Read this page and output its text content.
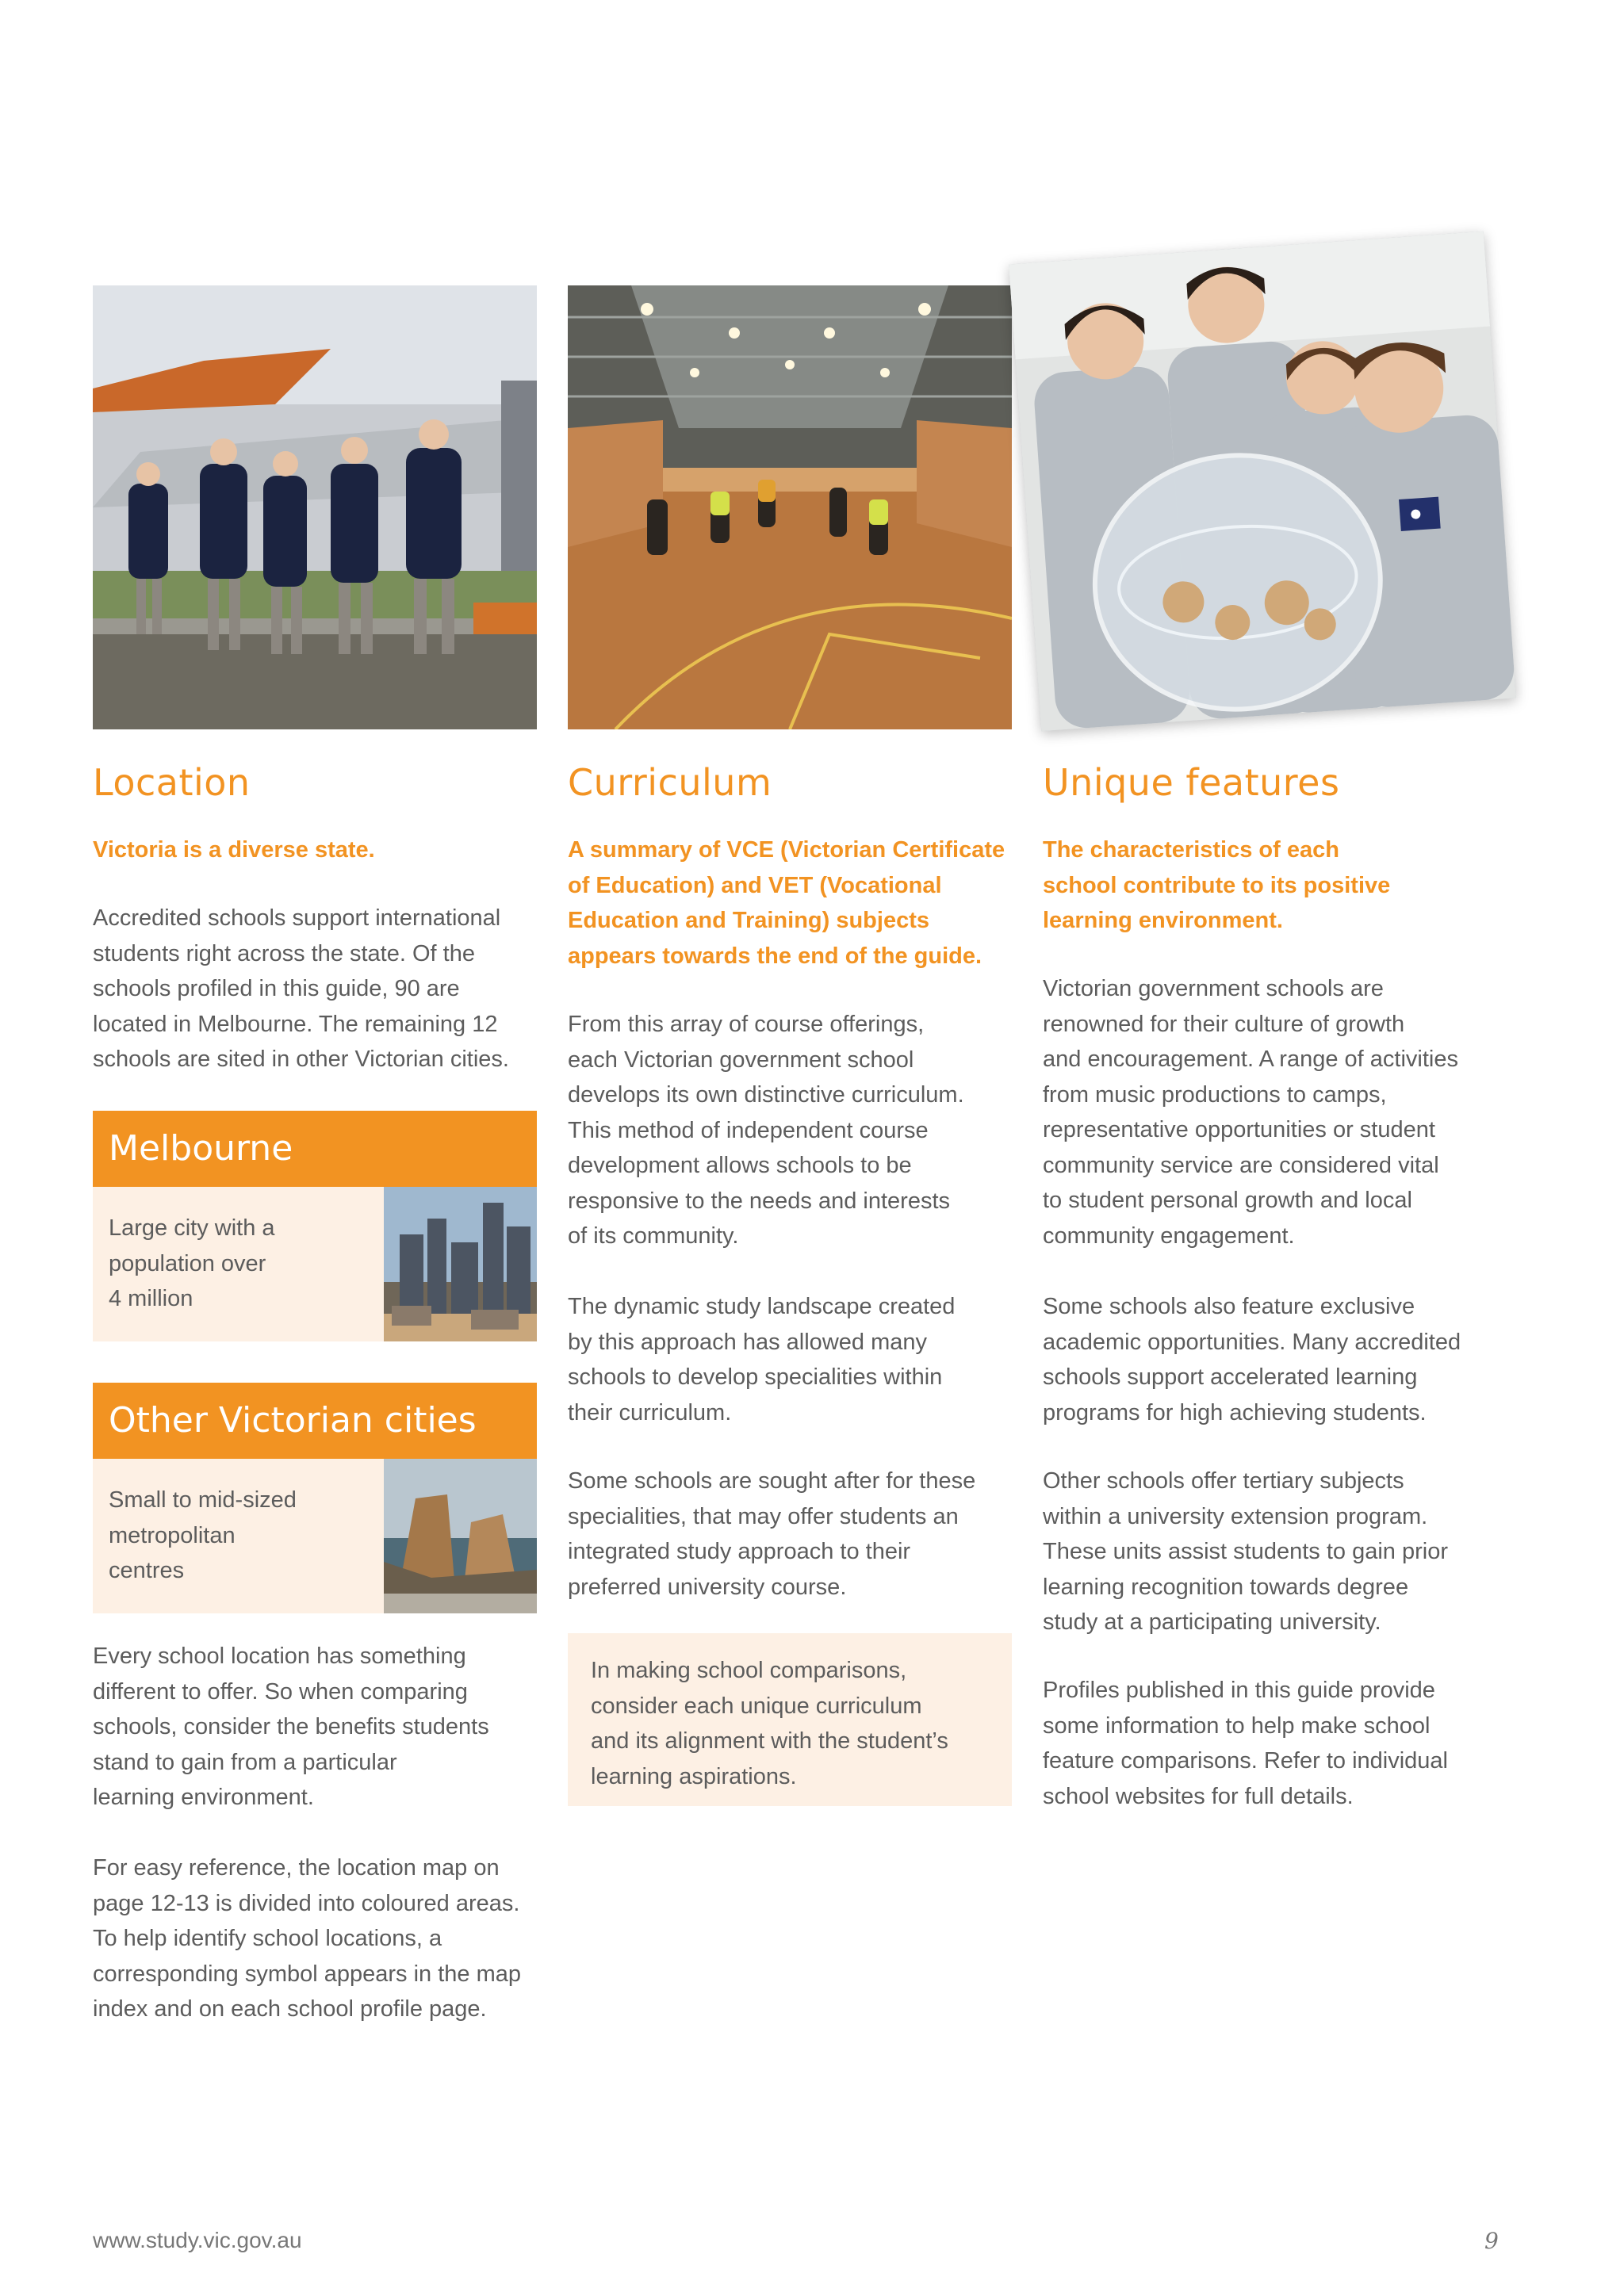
Location

Victoria is a diverse state.

Accredited schools support international
students right across the state. Of the
schools profiled in this guide, 90 are
located in Melbourne. The remaining 12
schools are sited in other Victorian cities.
Melbourne
Large city with a
population over
4 million
Other Victorian cities
Small to mid-sized
metropolitan
centres
Every school location has something
different to offer. So when comparing
schools, consider the benefits students
stand to gain from a particular
learning environment.
For easy reference, the location map on
page 12-13 is divided into coloured areas.
To help identify school locations, a
corresponding symbol appears in the map
index and on each school profile page.
Curriculum
A summary of VCE (Victorian Certificate
of Education) and VET (Vocational
Education and Training) subjects
appears towards the end of the guide.
From this array of course offerings,
each Victorian government school
develops its own distinctive curriculum.
This method of independent course
development allows schools to be
responsive to the needs and interests
of its community.
The dynamic study landscape created
by this approach has allowed many
schools to develop specialities within
their curriculum.
Some schools are sought after for these
specialities, that may offer students an
integrated study approach to their
preferred university course.
In making school comparisons,
consider each unique curriculum
and its alignment with the student’s
learning aspirations.
Unique features
The characteristics of each
school contribute to its positive
learning environment.
Victorian government schools are
renowned for their culture of growth
and encouragement. A range of activities
from music productions to camps,
representative opportunities or student
community service are considered vital
to student personal growth and local
community engagement.
Some schools also feature exclusive
academic opportunities. Many accredited
schools support accelerated learning
programs for high achieving students.
Other schools offer tertiary subjects
within a university extension program.
These units assist students to gain prior
learning recognition towards degree
study at a participating university.
Profiles published in this guide provide
some information to help make school
feature comparisons. Refer to individual
school websites for full details.
www.study.vic.gov.au	9
